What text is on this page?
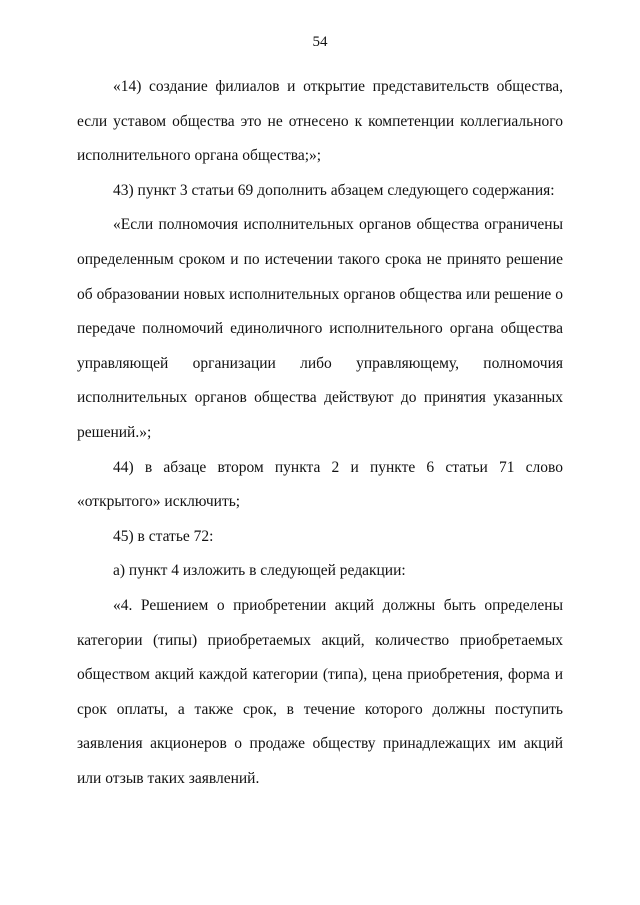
54

«14) создание филиалов и открытие представительств общества, если уставом общества это не отнесено к компетенции коллегиального исполнительного органа общества;»;

43) пункт 3 статьи 69 дополнить абзацем следующего содержания:

«Если полномочия исполнительных органов общества ограничены определенным сроком и по истечении такого срока не принято решение об образовании новых исполнительных органов общества или решение о передаче полномочий единоличного исполнительного органа общества управляющей организации либо управляющему, полномочия исполнительных органов общества действуют до принятия указанных решений.»;

44) в абзаце втором пункта 2 и пункте 6 статьи 71 слово «открытого» исключить;

45) в статье 72:

а) пункт 4 изложить в следующей редакции:

«4. Решением о приобретении акций должны быть определены категории (типы) приобретаемых акций, количество приобретаемых обществом акций каждой категории (типа), цена приобретения, форма и срок оплаты, а также срок, в течение которого должны поступить заявления акционеров о продаже обществу принадлежащих им акций или отзыв таких заявлений.
